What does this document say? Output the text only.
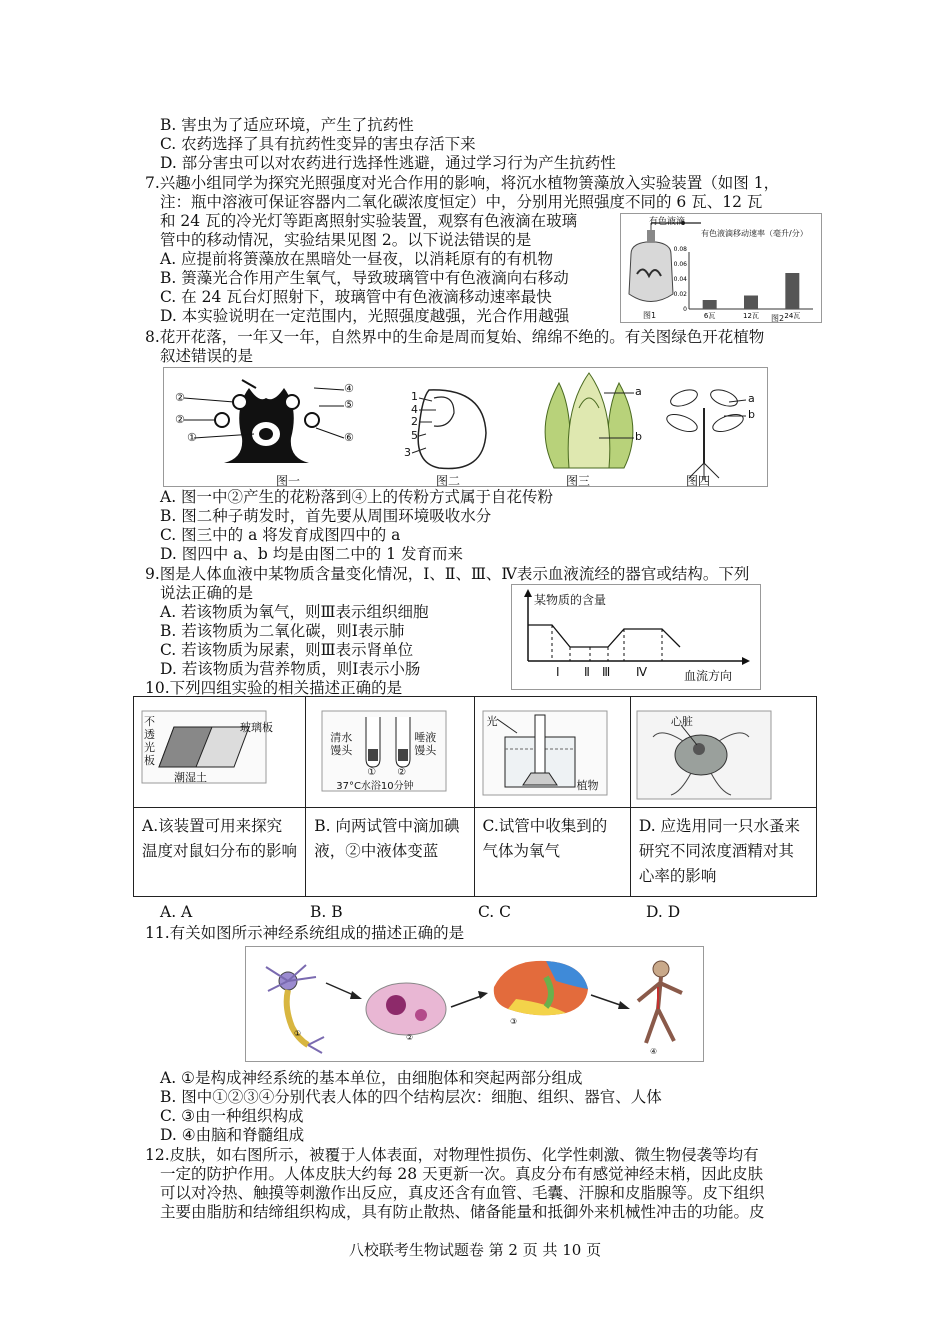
B. 害虫为了适应环境，产生了抗药性
C. 农药选择了具有抗药性变异的害虫存活下来
D. 部分害虫可以对农药进行选择性逃避，通过学习行为产生抗药性
7.兴趣小组同学为探究光照强度对光合作用的影响，将沉水植物箦藻放入实验装置（如图 1，
注：瓶中溶液可保证容器内二氧化碳浓度恒定）中，分别用光照强度不同的 6 瓦、12 瓦
和 24 瓦的冷光灯等距离照射实验装置，观察有色液滴在玻璃
管中的移动情况，实验结果见图 2。以下说法错误的是
A. 应提前将箦藻放在黑暗处一昼夜，以消耗原有的有机物
B. 箦藻光合作用产生氧气，导致玻璃管中有色液滴向右移动
C. 在 24 瓦台灯照射下，玻璃管中有色液滴移动速率最快
D. 本实验说明在一定范围内，光照强度越强，光合作用越强	0
0.02
0.04
0.06
0.08
6瓦	12瓦	24瓦
有色液滴
有色液滴移动速率（毫升/分）
图1	图2
8.花开花落，一年又一年，自然界中的生命是周而复始、绵绵不绝的。有关图绿色开花植物
叙述错误的是
图一	图二	图三	图四
②
②
①
④
⑤
⑥
1
4
2
5
3
a
b
a
b
A. 图一中②产生的花粉落到④上的传粉方式属于自花传粉
B. 图二种子萌发时，首先要从周围环境吸收水分
C. 图三中的 a 将发育成图四中的 a
D. 图四中 a、b 均是由图二中的 1 发育而来
9.图是人体血液中某物质含量变化情况，Ⅰ、Ⅱ、Ⅲ、Ⅳ表示血液流经的器官或结构。下列
说法正确的是
A. 若该物质为氧气，则Ⅲ表示组织细胞
B. 若该物质为二氧化碳，则Ⅰ表示肺
C. 若该物质为尿素，则Ⅲ表示肾单位
D. 若该物质为营养物质，则Ⅰ表示小肠
某物质的含量
Ⅰ Ⅱ Ⅲ Ⅳ	血流方向
10.下列四组实验的相关描述正确的是
不透光板
玻璃板
潮湿土	清水馒头
唾液馒头
① ②
37°C水浴10分钟	光
植物	心脏

A.该装置可用来探究温度对鼠妇分布的影响	B. 向两试管中滴加碘液，②中液体变蓝	C.试管中收集到的气体为氧气	D. 应选用同一只水蚤来研究不同浓度酒精对其心率的影响
A. A	B. B	C. C	D. D
11.有关如图所示神经系统组成的描述正确的是
①	②
③
④
A. ①是构成神经系统的基本单位，由细胞体和突起两部分组成
B. 图中①②③④分别代表人体的四个结构层次：细胞、组织、器官、人体
C. ③由一种组织构成
D. ④由脑和脊髓组成
12.皮肤，如右图所示，被覆于人体表面，对物理性损伤、化学性刺激、微生物侵袭等均有
一定的防护作用。人体皮肤大约每 28 天更新一次。真皮分布有感觉神经末梢，因此皮肤
可以对冷热、触摸等刺激作出反应，真皮还含有血管、毛囊、汗腺和皮脂腺等。皮下组织
主要由脂肪和结缔组织构成，具有防止散热、储备能量和抵御外来机械性冲击的功能。皮
八校联考生物试题卷 第 2 页 共 10 页
